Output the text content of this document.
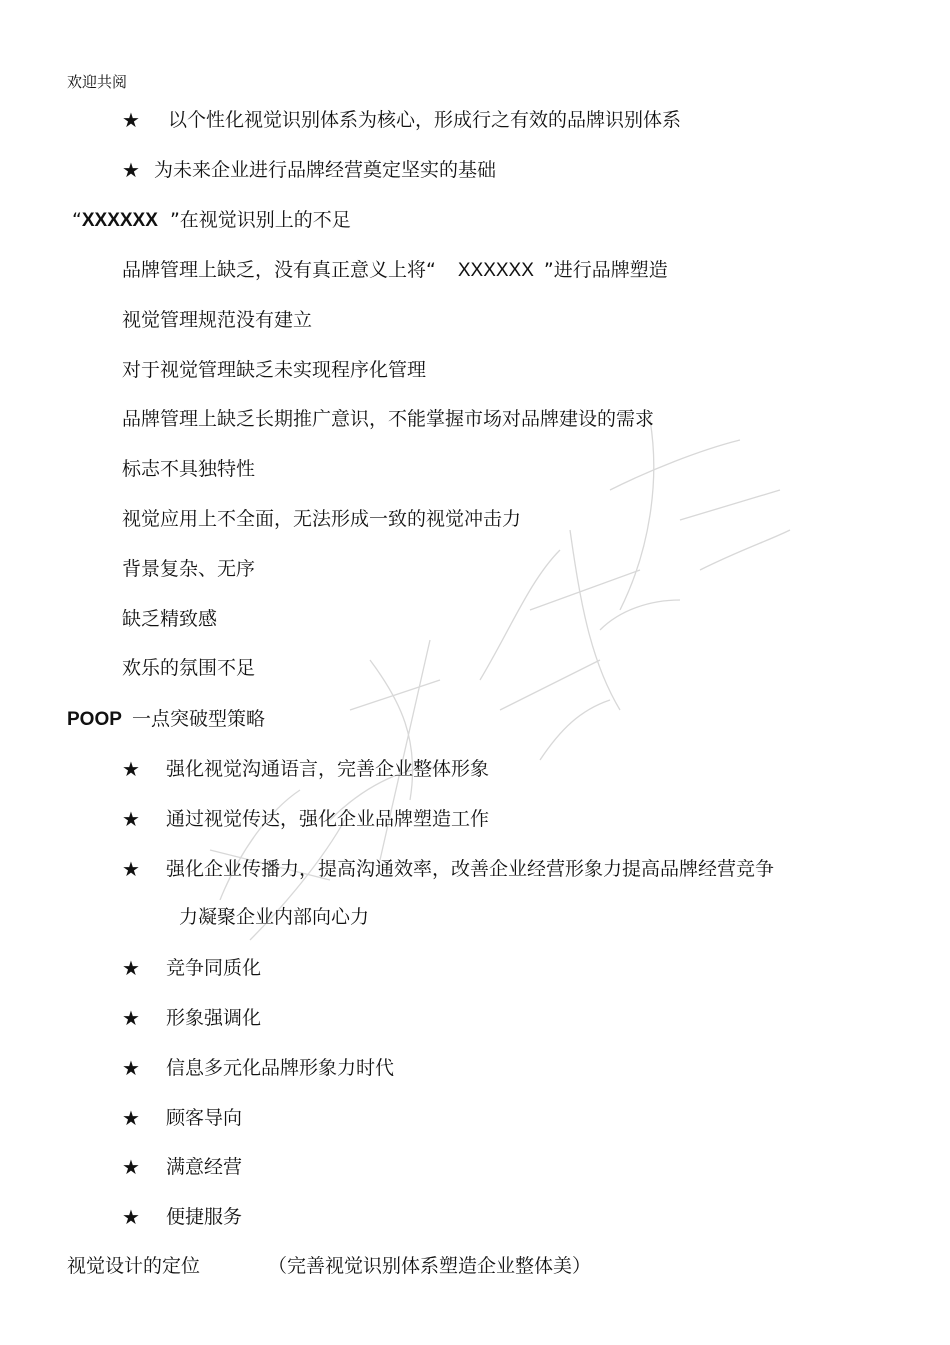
欢迎共阅
★ 以个性化视觉识别体系为核心，形成行之有效的品牌识别体系
★ 为未来企业进行品牌经营奠定坚实的基础
“XXXXXX ”在视觉识别上的不足
品牌管理上缺乏，没有真正意义上将“ XXXXXX ”进行品牌塑造
视觉管理规范没有建立
对于视觉管理缺乏未实现程序化管理
品牌管理上缺乏长期推广意识，不能掌握市场对品牌建设的需求
标志不具独特性
视觉应用上不全面，无法形成一致的视觉冲击力
背景复杂、无序
缺乏精致感
欢乐的氛围不足
POOP 一点突破型策略
★ 强化视觉沟通语言，完善企业整体形象
★ 通过视觉传达，强化企业品牌塑造工作
★ 强化企业传播力，提高沟通效率，改善企业经营形象力提高品牌经营竞争
力凝聚企业内部向心力
★ 竞争同质化
★ 形象强调化
★ 信息多元化品牌形象力时代
★ 顾客导向
★ 满意经营
★ 便捷服务
视觉设计的定位	（完善视觉识别体系塑造企业整体美）
